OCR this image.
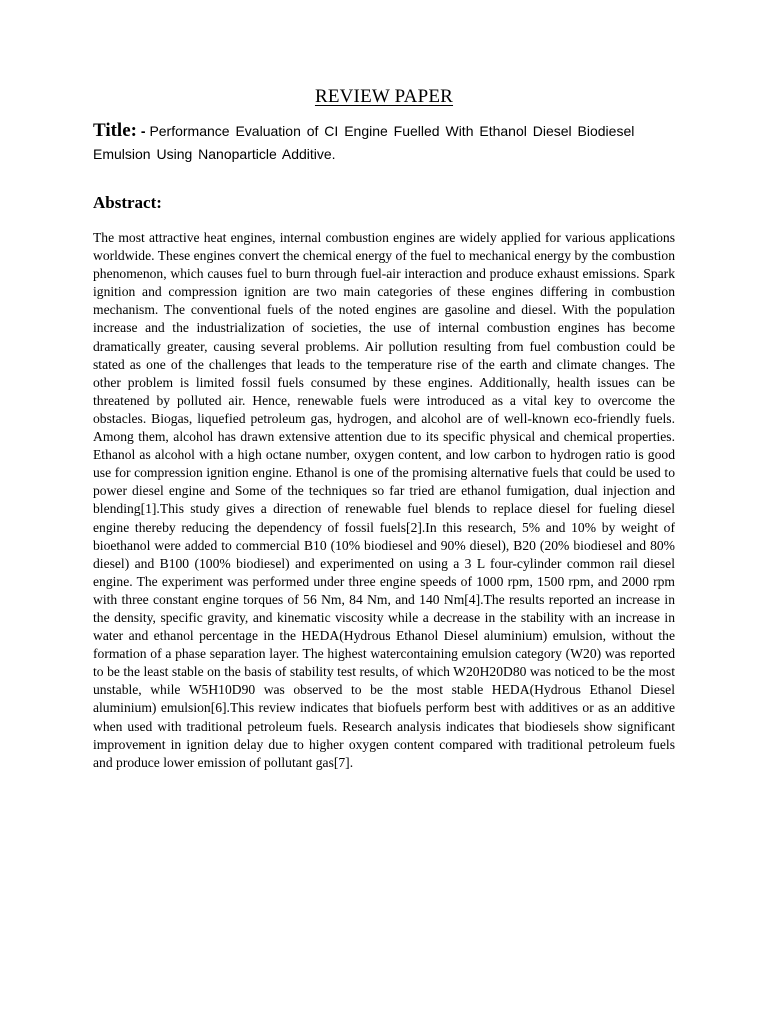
REVIEW PAPER
Title: - Performance Evaluation of CI Engine Fuelled With Ethanol Diesel Biodiesel Emulsion Using Nanoparticle Additive.
Abstract:
The most attractive heat engines, internal combustion engines are widely applied for various applications worldwide. These engines convert the chemical energy of the fuel to mechanical energy by the combustion phenomenon, which causes fuel to burn through fuel-air interaction and produce exhaust emissions. Spark ignition and compression ignition are two main categories of these engines differing in combustion mechanism. The conventional fuels of the noted engines are gasoline and diesel. With the population increase and the industrialization of societies, the use of internal combustion engines has become dramatically greater, causing several problems. Air pollution resulting from fuel combustion could be stated as one of the challenges that leads to the temperature rise of the earth and climate changes. The other problem is limited fossil fuels consumed by these engines. Additionally, health issues can be threatened by polluted air. Hence, renewable fuels were introduced as a vital key to overcome the obstacles. Biogas, liquefied petroleum gas, hydrogen, and alcohol are of well-known eco-friendly fuels. Among them, alcohol has drawn extensive attention due to its specific physical and chemical properties. Ethanol as alcohol with a high octane number, oxygen content, and low carbon to hydrogen ratio is good use for compression ignition engine. Ethanol is one of the promising alternative fuels that could be used to power diesel engine and Some of the techniques so far tried are ethanol fumigation, dual injection and blending[1].This study gives a direction of renewable fuel blends to replace diesel for fueling diesel engine thereby reducing the dependency of fossil fuels[2].In this research, 5% and 10% by weight of bioethanol were added to commercial B10 (10% biodiesel and 90% diesel), B20 (20% biodiesel and 80% diesel) and B100 (100% biodiesel) and experimented on using a 3 L four-cylinder common rail diesel engine. The experiment was performed under three engine speeds of 1000 rpm, 1500 rpm, and 2000 rpm with three constant engine torques of 56 Nm, 84 Nm, and 140 Nm[4].The results reported an increase in the density, specific gravity, and kinematic viscosity while a decrease in the stability with an increase in water and ethanol percentage in the HEDA(Hydrous Ethanol Diesel aluminium) emulsion, without the formation of a phase separation layer. The highest watercontaining emulsion category (W20) was reported to be the least stable on the basis of stability test results, of which W20H20D80 was noticed to be the most unstable, while W5H10D90 was observed to be the most stable HEDA(Hydrous Ethanol Diesel aluminium) emulsion[6].This review indicates that biofuels perform best with additives or as an additive when used with traditional petroleum fuels. Research analysis indicates that biodiesels show significant improvement in ignition delay due to higher oxygen content compared with traditional petroleum fuels and produce lower emission of pollutant gas[7].
